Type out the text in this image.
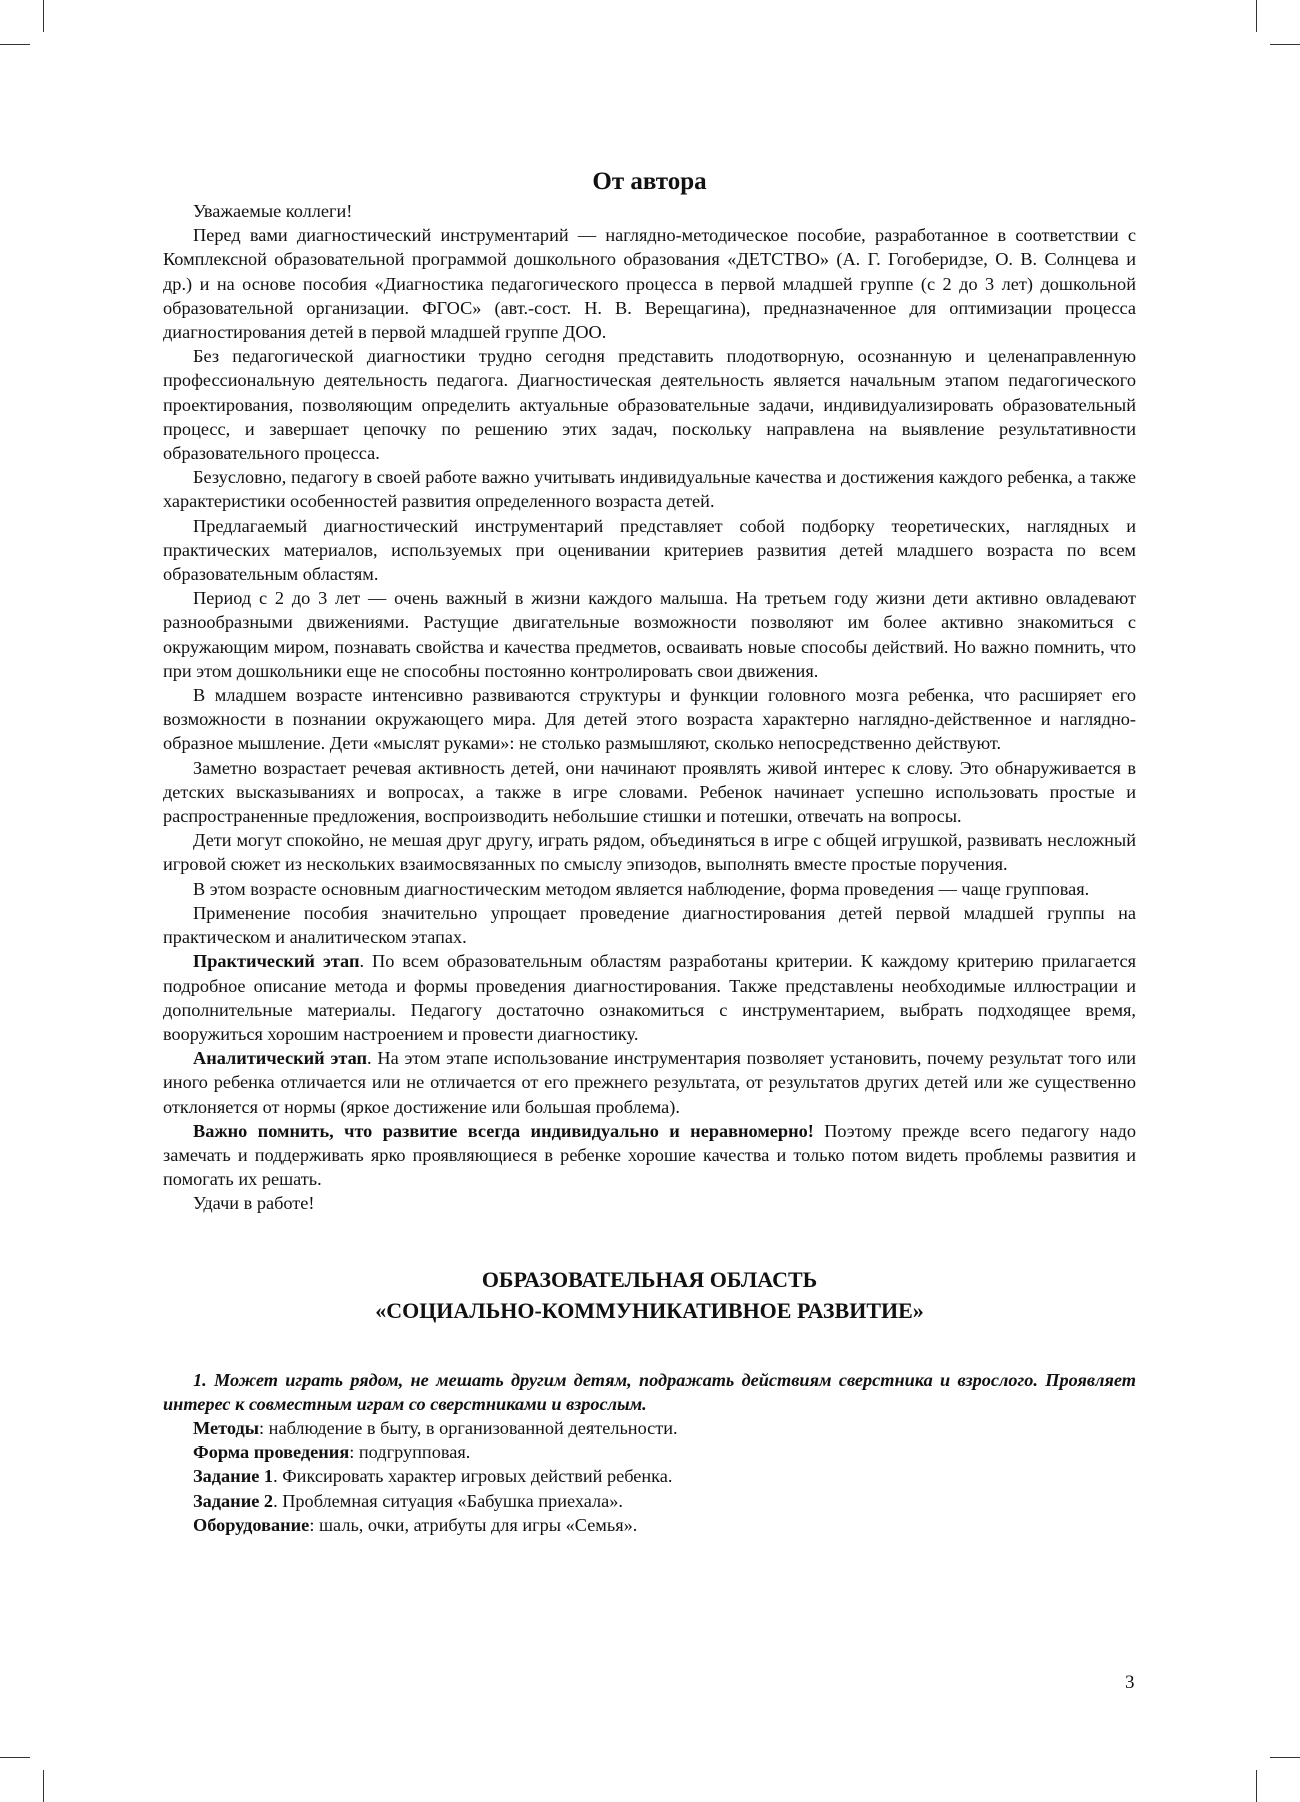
От автора

Уважаемые коллеги!

Перед вами диагностический инструментарий — наглядно-методическое пособие, разработанное в соответствии с Комплексной образовательной программой дошкольного образования «ДЕТСТВО» (А. Г. Гогоберидзе, О. В. Солнцева и др.) и на основе пособия «Диагностика педагогического процесса в первой младшей группе (с 2 до 3 лет) дошкольной образовательной организации. ФГОС» (авт.-сост. Н. В. Верещагина), предназначенное для оптимизации процесса диагностирования детей в первой младшей группе ДОО.

Без педагогической диагностики трудно сегодня представить плодотворную, осознанную и целенаправленную профессиональную деятельность педагога. Диагностическая деятельность является начальным этапом педагогического проектирования, позволяющим определить актуальные образовательные задачи, индивидуализировать образовательный процесс, и завершает цепочку по решению этих задач, поскольку направлена на выявление результативности образовательного процесса.

Безусловно, педагогу в своей работе важно учитывать индивидуальные качества и достижения каждого ребенка, а также характеристики особенностей развития определенного возраста детей.

Предлагаемый диагностический инструментарий представляет собой подборку теоретических, наглядных и практических материалов, используемых при оценивании критериев развития детей младшего возраста по всем образовательным областям.

Период с 2 до 3 лет — очень важный в жизни каждого малыша. На третьем году жизни дети активно овладевают разнообразными движениями. Растущие двигательные возможности позволяют им более активно знакомиться с окружающим миром, познавать свойства и качества предметов, осваивать новые способы действий. Но важно помнить, что при этом дошкольники еще не способны постоянно контролировать свои движения.

В младшем возрасте интенсивно развиваются структуры и функции головного мозга ребенка, что расширяет его возможности в познании окружающего мира. Для детей этого возраста характерно наглядно-действенное и наглядно-образное мышление. Дети «мыслят руками»: не столько размышляют, сколько непосредственно действуют.

Заметно возрастает речевая активность детей, они начинают проявлять живой интерес к слову. Это обнаруживается в детских высказываниях и вопросах, а также в игре словами. Ребенок начинает успешно использовать простые и распространенные предложения, воспроизводить небольшие стишки и потешки, отвечать на вопросы.

Дети могут спокойно, не мешая друг другу, играть рядом, объединяться в игре с общей игрушкой, развивать несложный игровой сюжет из нескольких взаимосвязанных по смыслу эпизодов, выполнять вместе простые поручения.

В этом возрасте основным диагностическим методом является наблюдение, форма проведения — чаще групповая.

Применение пособия значительно упрощает проведение диагностирования детей первой младшей группы на практическом и аналитическом этапах.

Практический этап. По всем образовательным областям разработаны критерии. К каждому критерию прилагается подробное описание метода и формы проведения диагностирования. Также представлены необходимые иллюстрации и дополнительные материалы. Педагогу достаточно ознакомиться с инструментарием, выбрать подходящее время, вооружиться хорошим настроением и провести диагностику.

Аналитический этап. На этом этапе использование инструментария позволяет установить, почему результат того или иного ребенка отличается или не отличается от его прежнего результата, от результатов других детей или же существенно отклоняется от нормы (яркое достижение или большая проблема).

Важно помнить, что развитие всегда индивидуально и неравномерно! Поэтому прежде всего педагогу надо замечать и поддерживать ярко проявляющиеся в ребенке хорошие качества и только потом видеть проблемы развития и помогать их решать.

Удачи в работе!

ОБРАЗОВАТЕЛЬНАЯ ОБЛАСТЬ
«СОЦИАЛЬНО-КОММУНИКАТИВНОЕ РАЗВИТИЕ»

1. Может играть рядом, не мешать другим детям, подражать действиям сверстника и взрослого. Проявляет интерес к совместным играм со сверстниками и взрослым.

Методы: наблюдение в быту, в организованной деятельности.

Форма проведения: подгрупповая.

Задание 1. Фиксировать характер игровых действий ребенка.

Задание 2. Проблемная ситуация «Бабушка приехала».

Оборудование: шаль, очки, атрибуты для игры «Семья».

3
